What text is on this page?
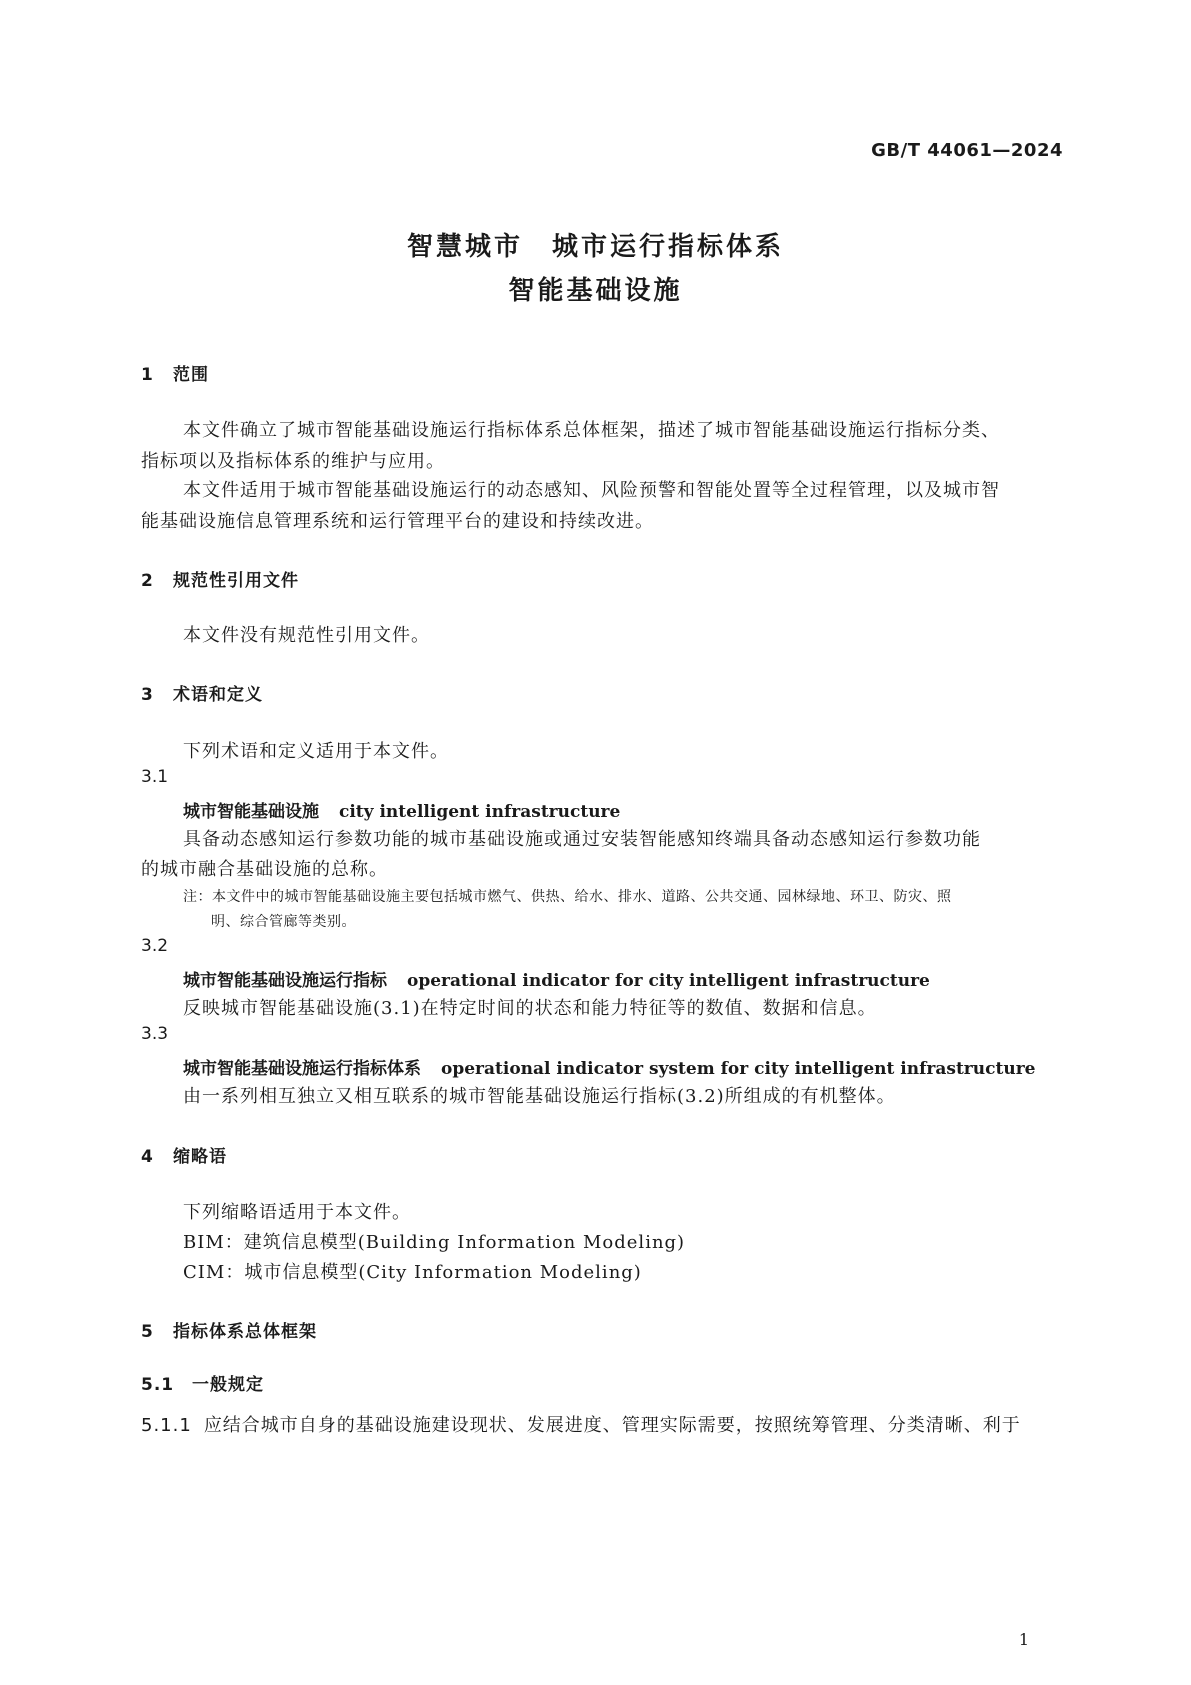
GB/T 44061—2024
智慧城市　城市运行指标体系
智能基础设施
1 范围
本文件确立了城市智能基础设施运行指标体系总体框架，描述了城市智能基础设施运行指标分类、
指标项以及指标体系的维护与应用。
本文件适用于城市智能基础设施运行的动态感知、风险预警和智能处置等全过程管理，以及城市智
能基础设施信息管理系统和运行管理平台的建设和持续改进。
2 规范性引用文件
本文件没有规范性引用文件。
3 术语和定义
下列术语和定义适用于本文件。
3.1
城市智能基础设施 city intelligent infrastructure
具备动态感知运行参数功能的城市基础设施或通过安装智能感知终端具备动态感知运行参数功能
的城市融合基础设施的总称。
注：本文件中的城市智能基础设施主要包括城市燃气、供热、给水、排水、道路、公共交通、园林绿地、环卫、防灾、照
明、综合管廊等类别。
3.2
城市智能基础设施运行指标 operational indicator for city intelligent infrastructure
反映城市智能基础设施(3.1)在特定时间的状态和能力特征等的数值、数据和信息。
3.3
城市智能基础设施运行指标体系 operational indicator system for city intelligent infrastructure
由一系列相互独立又相互联系的城市智能基础设施运行指标(3.2)所组成的有机整体。
4 缩略语
下列缩略语适用于本文件。
BIM：建筑信息模型(Building Information Modeling)
CIM：城市信息模型(City Information Modeling)
5 指标体系总体框架
5.1 一般规定
5.1.1 应结合城市自身的基础设施建设现状、发展进度、管理实际需要，按照统筹管理、分类清晰、利于
1
